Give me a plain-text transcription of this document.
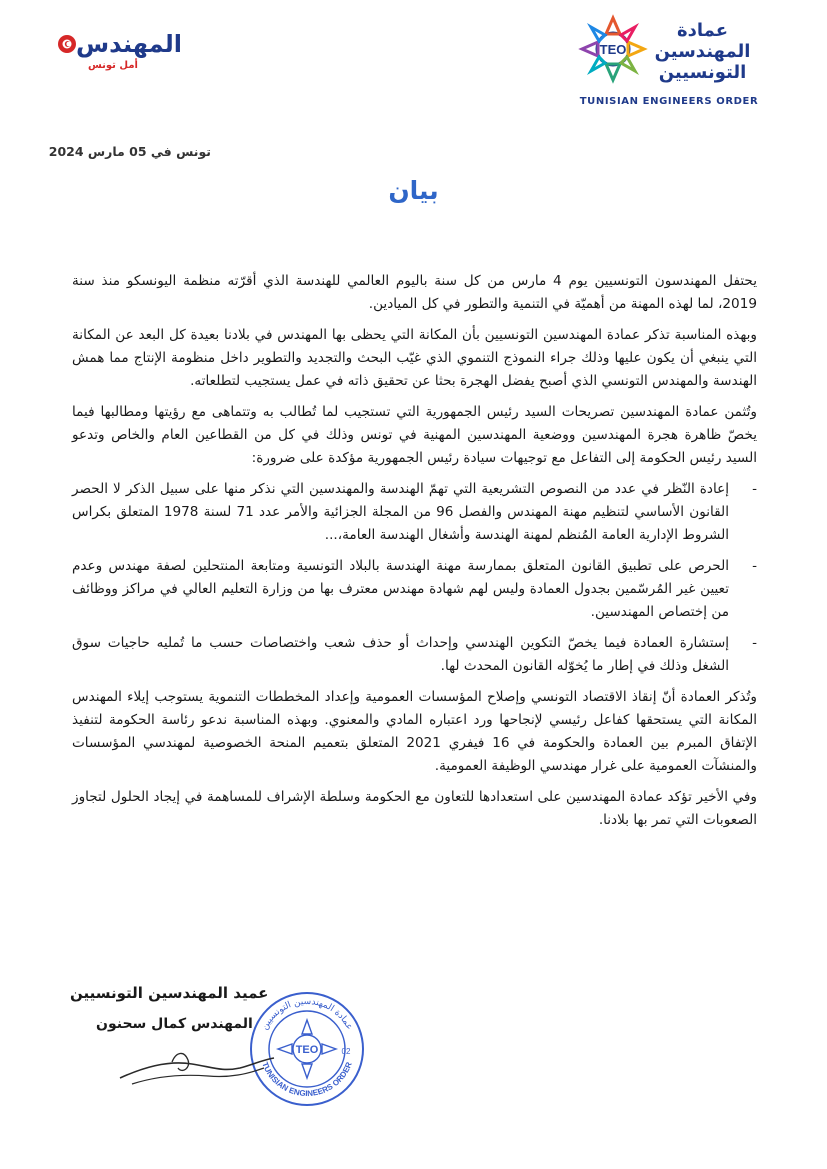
TEO
عمادة
المهندسين
التونسيين
TUNISIAN ENGINEERS ORDER
المهندس
أمل تونس
تونس في 05 مارس 2024
بيان

يحتفل المهندسون التونسيين يوم 4 مارس من كل سنة باليوم العالمي للهندسة الذي أقرّته منظمة اليونسكو منذ سنة 2019، لما لهذه المهنة من أهميّة في التنمية والتطور في كل الميادين.

وبهذه المناسبة تذكر عمادة المهندسين التونسيين بأن المكانة التي يحظى بها المهندس في بلادنا بعيدة كل البعد عن المكانة التي ينبغي أن يكون عليها وذلك جراء النموذج التنموي الذي غيّب البحث والتجديد والتطوير داخل منظومة الإنتاج مما همش الهندسة والمهندس التونسي الذي أصبح يفضل الهجرة بحثا عن تحقيق ذاته في عمل يستجيب لتطلعاته.

وتُثمن عمادة المهندسين تصريحات السيد رئيس الجمهورية التي تستجيب لما تُطالب به وتتماهى مع رؤيتها ومطالبها فيما يخصّ ظاهرة هجرة المهندسين ووضعية المهندسين المهنية في تونس وذلك في كل من القطاعين العام والخاص وتدعو السيد رئيس الحكومة إلى التفاعل مع توجيهات سيادة رئيس الجمهورية مؤكدة على ضرورة:

-
إعادة النّظر في عدد من النصوص التشريعية التي تهمّ الهندسة والمهندسين التي نذكر منها على سبيل الذكر لا الحصر القانون الأساسي لتنظيم مهنة المهندس والفصل 96 من المجلة الجزائية والأمر عدد 71 لسنة 1978 المتعلق بكراس الشروط الإدارية العامة المُنظم لمهنة الهندسة وأشغال الهندسة العامة،...
-
الحرص على تطبيق القانون المتعلق بممارسة مهنة الهندسة بالبلاد التونسية ومتابعة المنتحلين لصفة مهندس وعدم تعيين غير المُرسّمين بجدول العمادة وليس لهم شهادة مهندس معترف بها من وزارة التعليم العالي في مراكز ووظائف من إختصاص المهندسين.
-
إستشارة العمادة فيما يخصّ التكوين الهندسي وإحداث أو حذف شعب واختصاصات حسب ما تُمليه حاجيات سوق الشغل وذلك في إطار ما يُخوّله القانون المحدث لها.

وتُذكر العمادة أنّ إنقاذ الاقتصاد التونسي وإصلاح المؤسسات العمومية وإعداد المخططات التنموية يستوجب إيلاء المهندس المكانة التي يستحقها كفاعل رئيسي لإنجاحها ورد اعتباره المادي والمعنوي. وبهذه المناسبة ندعو رئاسة الحكومة لتنفيذ الإتفاق المبرم بين العمادة والحكومة في 16 فيفري 2021 المتعلق بتعميم المنحة الخصوصية لمهندسي المؤسسات والمنشآت العمومية على غرار مهندسي الوظيفة العمومية.

وفي الأخير تؤكد عمادة المهندسين على استعدادها للتعاون مع الحكومة وسلطة الإشراف للمساهمة في إيجاد الحلول لتجاوز الصعوبات التي تمر بها بلادنا.

عميد المهندسين التونسيين
المهندس كمال سحنون
TEO	02
عمادة المهندسين التونسيين
TUNISIAN ENGINEERS ORDER
